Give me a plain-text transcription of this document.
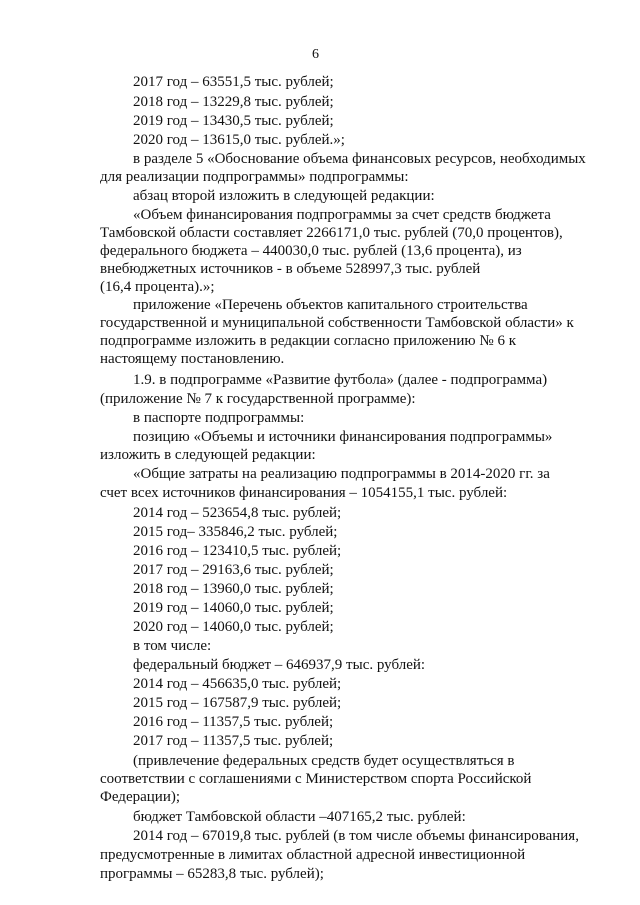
6
2017 год – 63551,5 тыс. рублей;
2018 год – 13229,8 тыс. рублей;
2019 год – 13430,5 тыс. рублей;
2020 год – 13615,0 тыс. рублей.»;
в разделе 5 «Обоснование объема финансовых ресурсов, необходимых
для реализации подпрограммы» подпрограммы:
абзац второй изложить в следующей редакции:
«Объем финансирования подпрограммы за счет средств бюджета
Тамбовской области составляет 2266171,0 тыс. рублей (70,0 процентов),
федерального бюджета – 440030,0 тыс. рублей (13,6 процента), из
внебюджетных источников - в объеме 528997,3 тыс. рублей
(16,4 процента).»;
приложение «Перечень объектов капитального строительства
государственной и муниципальной собственности Тамбовской области» к
подпрограмме изложить в редакции согласно приложению № 6 к
настоящему постановлению.
1.9. в подпрограмме «Развитие футбола» (далее - подпрограмма)
(приложение № 7 к государственной программе):
в паспорте подпрограммы:
позицию «Объемы и источники финансирования подпрограммы»
изложить в следующей редакции:
«Общие затраты на реализацию подпрограммы в 2014-2020 гг. за
счет всех источников финансирования – 1054155,1 тыс. рублей:
2014 год – 523654,8 тыс. рублей;
2015 год– 335846,2 тыс. рублей;
2016 год – 123410,5 тыс. рублей;
2017 год – 29163,6 тыс. рублей;
2018 год – 13960,0 тыс. рублей;
2019 год – 14060,0 тыс. рублей;
2020 год – 14060,0 тыс. рублей;
в том числе:
федеральный бюджет – 646937,9 тыс. рублей:
2014 год – 456635,0 тыс. рублей;
2015 год – 167587,9 тыс. рублей;
2016 год – 11357,5 тыс. рублей;
2017 год – 11357,5 тыс. рублей;
(привлечение федеральных средств будет осуществляться в
соответствии с соглашениями с Министерством спорта Российской
Федерации);
бюджет Тамбовской области –407165,2 тыс. рублей:
2014 год – 67019,8 тыс. рублей (в том числе объемы финансирования,
предусмотренные в лимитах областной адресной инвестиционной
программы – 65283,8 тыс. рублей);
